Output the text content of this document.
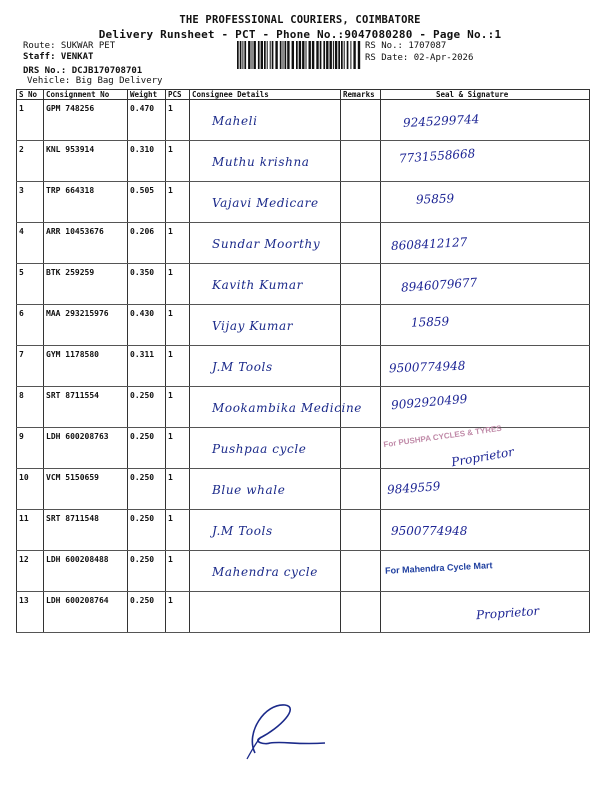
THE PROFESSIONAL COURIERS, COIMBATORE
Delivery Runsheet - PCT - Phone No.:9047080280 - Page No.:1
Route: SUKWAR PET
Staff: VENKAT
DRS No.: DCJB170708701
Vehicle: Big Bag Delivery
RS No.: 1707087
RS Date: 02-Apr-2026
S No	Consignment No	Weight	PCS	Consignee Details	Remarks	Seal & Signature
1	GPM 748256	0.470	1	Maheli		9245299744

2	KNL 953914	0.310	1	Muthu krishna		7731558668

3	TRP 664318	0.505	1	Vajavi Medicare		95859

4	ARR 10453676	0.206	1	Sundar Moorthy		8608412127

5	BTK 259259	0.350	1	Kavith Kumar		8946079677

6	MAA 293215976	0.430	1	Vijay Kumar		15859

7	GYM 1178580	0.311	1	J.M Tools		9500774948

8	SRT 8711554	0.250	1	Mookambika Medicine		9092920499

9	LDH 600208763	0.250	1	Pushpaa cycle		Proprietor
For PUSHPA CYCLES & TYRES

10	VCM 5150659	0.250	1	Blue whale		9849559

11	SRT 8711548	0.250	1	J.M Tools		9500774948

12	LDH 600208488	0.250	1	Mahendra cycle		For Mahendra Cycle Mart

13	LDH 600208764	0.250	1			Proprietor
